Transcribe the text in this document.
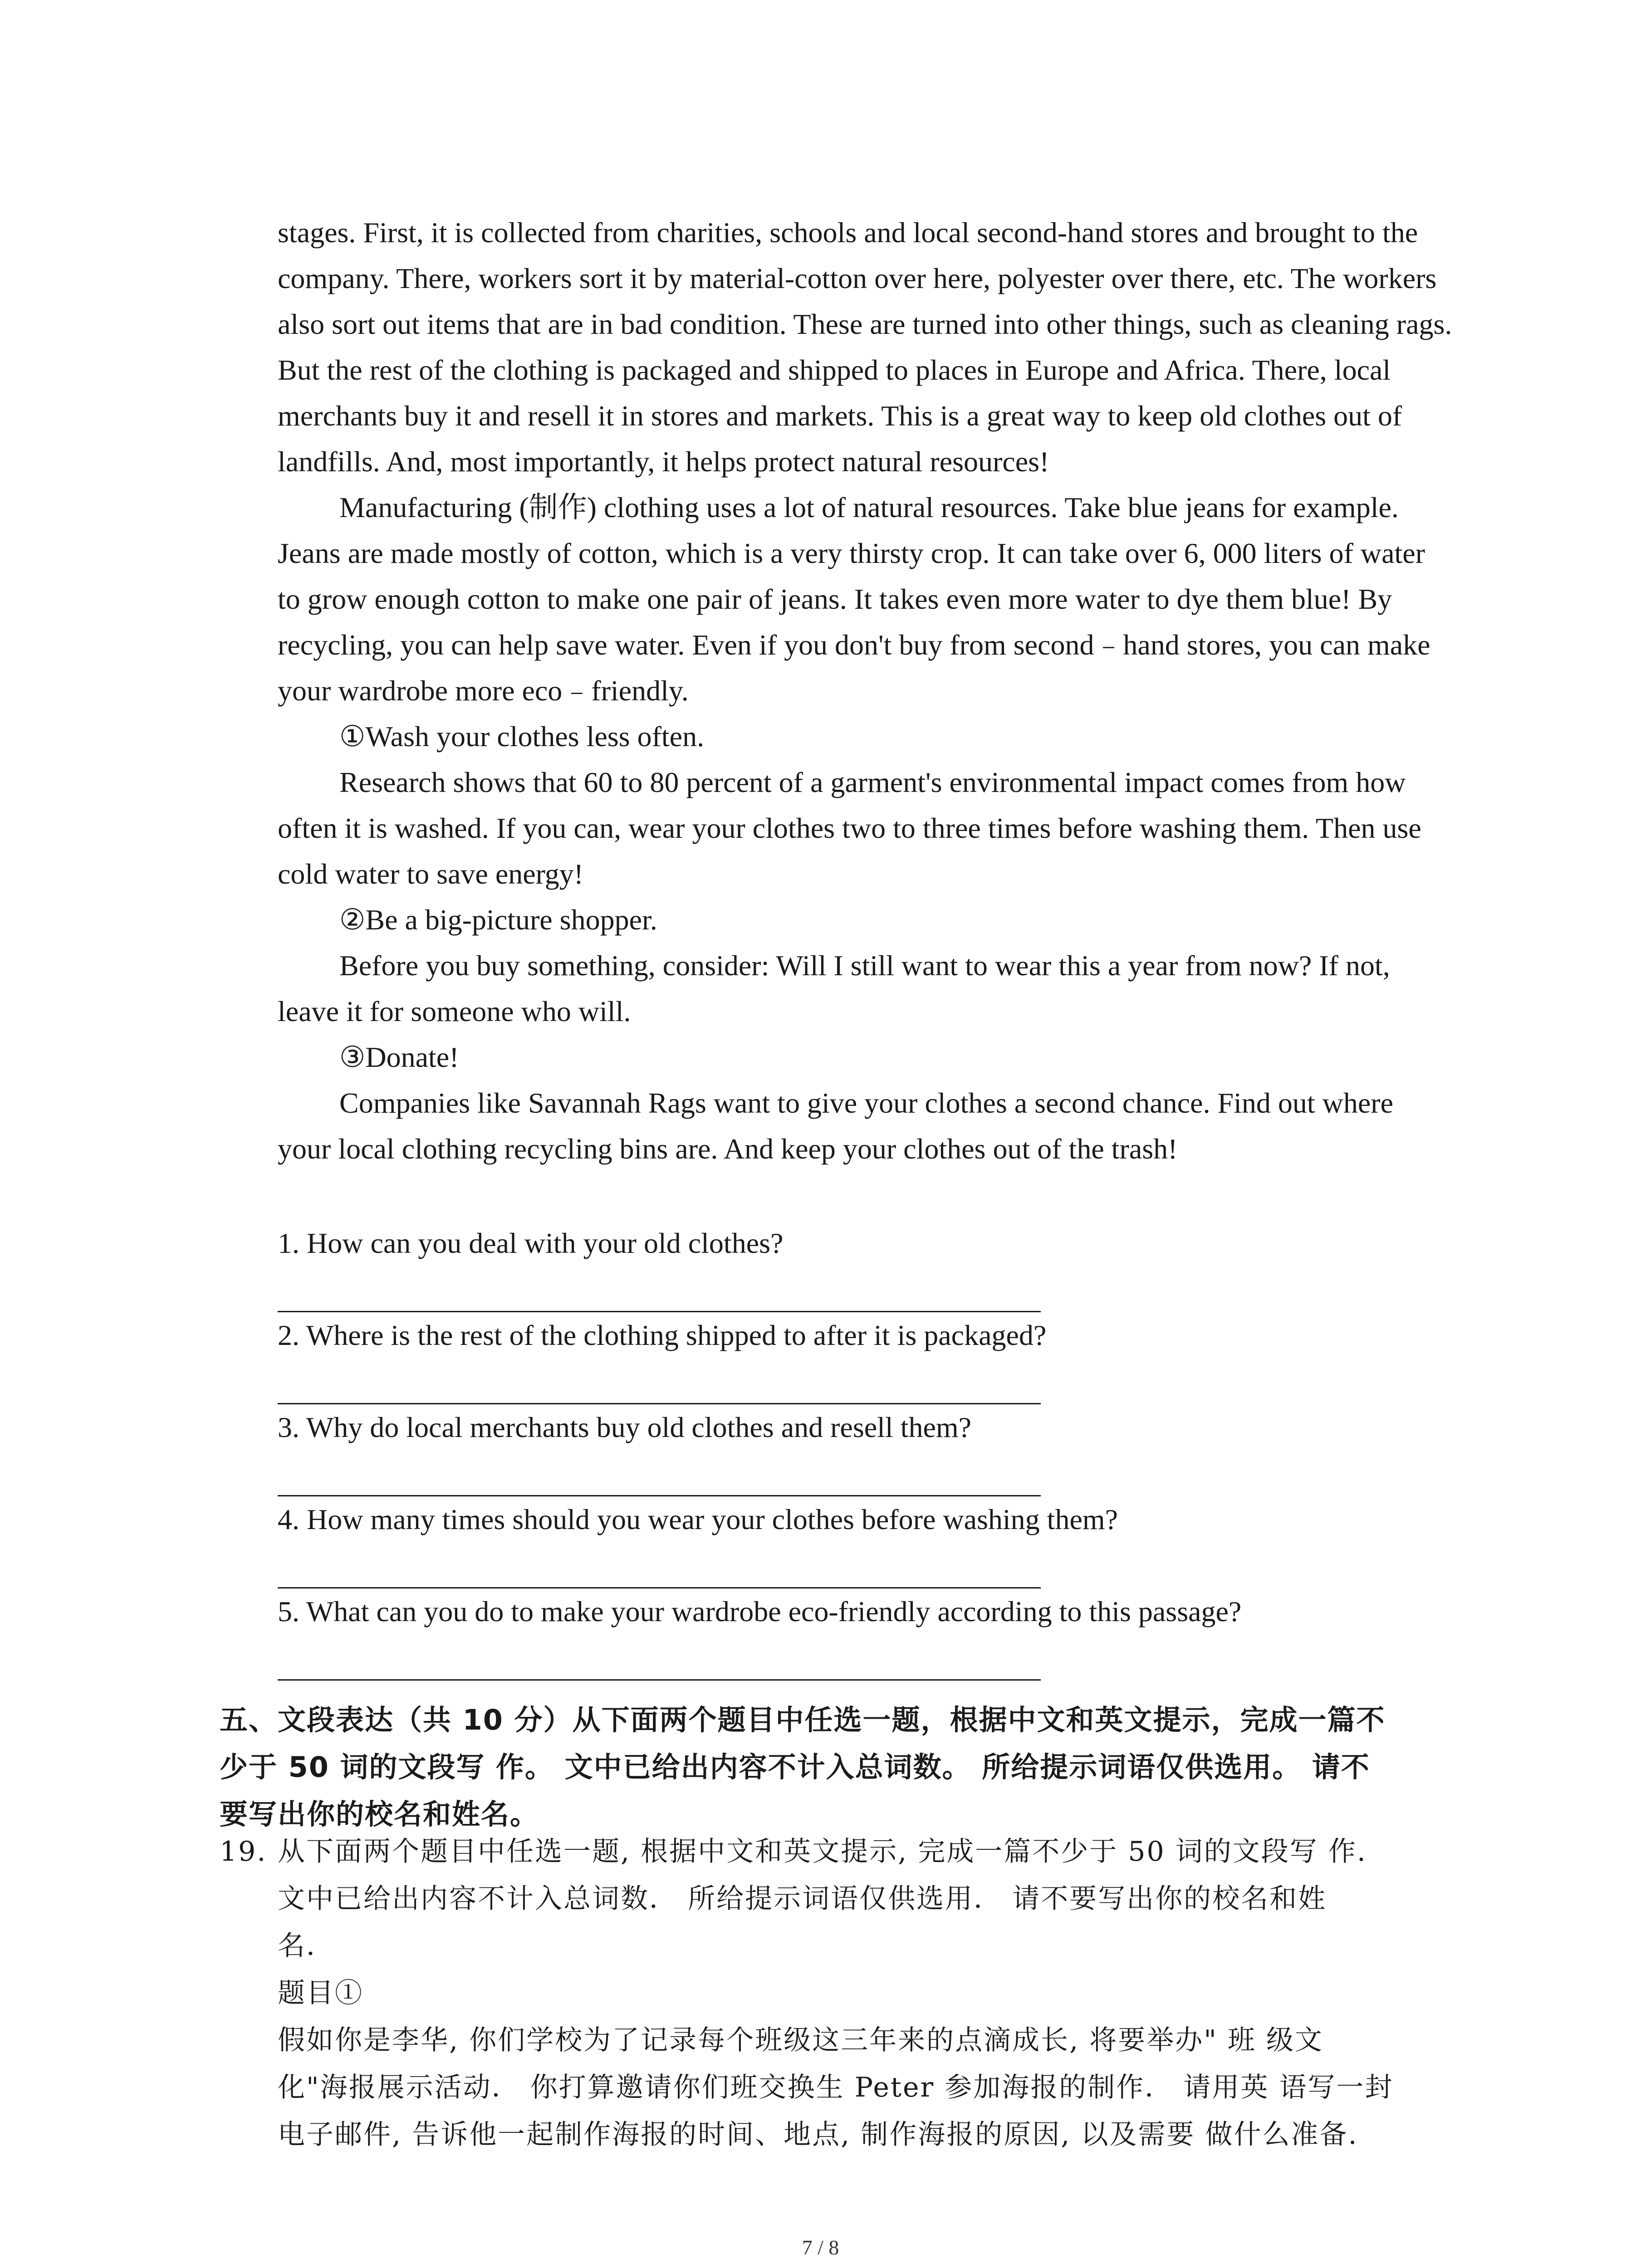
stages. First, it is collected from charities, schools and local second-hand stores and brought to the company. There, workers sort it by material-cotton over here, polyester over there, etc. The workers also sort out items that are in bad condition. These are turned into other things, such as cleaning rags. But the rest of the clothing is packaged and shipped to places in Europe and Africa. There, local merchants buy it and resell it in stores and markets. This is a great way to keep old clothes out of landfills. And, most importantly, it helps protect natural resources!

Manufacturing (制作) clothing uses a lot of natural resources. Take blue jeans for example. Jeans are made mostly of cotton, which is a very thirsty crop. It can take over 6, 000 liters of water to grow enough cotton to make one pair of jeans. It takes even more water to dye them blue! By recycling, you can help save water. Even if you don't buy from second﹣hand stores, you can make your wardrobe more eco﹣friendly.

①Wash your clothes less often.

Research shows that 60 to 80 percent of a garment's environmental impact comes from how often it is washed. If you can, wear your clothes two to three times before washing them. Then use cold water to save energy!

②Be a big-picture shopper.

Before you buy something, consider: Will I still want to wear this a year from now? If not, leave it for someone who will.

③Donate!

Companies like Savannah Rags want to give your clothes a second chance. Find out where your local clothing recycling bins are. And keep your clothes out of the trash!

1. How can you deal with your old clothes?

2. Where is the rest of the clothing shipped to after it is packaged?

3. Why do local merchants buy old clothes and resell them?

4. How many times should you wear your clothes before washing them?

5. What can you do to make your wardrobe eco-friendly according to this passage?

五、文段表达（共 10 分）从下面两个题目中任选一题，根据中文和英文提示，完成一篇不
少于 50 词的文段写 作。 文中已给出内容不计入总词数。 所给提示词语仅供选用。 请不
要写出你的校名和姓名。
19. 从下面两个题目中任选一题, 根据中文和英文提示, 完成一篇不少于 50 词的文段写 作.

文中已给出内容不计入总词数． 所给提示词语仅供选用． 请不要写出你的校名和姓

名．

题目①

假如你是李华, 你们学校为了记录每个班级这三年来的点滴成长, 将要举办" 班 级文

化"海报展示活动． 你打算邀请你们班交换生 Peter 参加海报的制作． 请用英 语写一封

电子邮件, 告诉他一起制作海报的时间、地点, 制作海报的原因, 以及需要 做什么准备.

7 / 8
